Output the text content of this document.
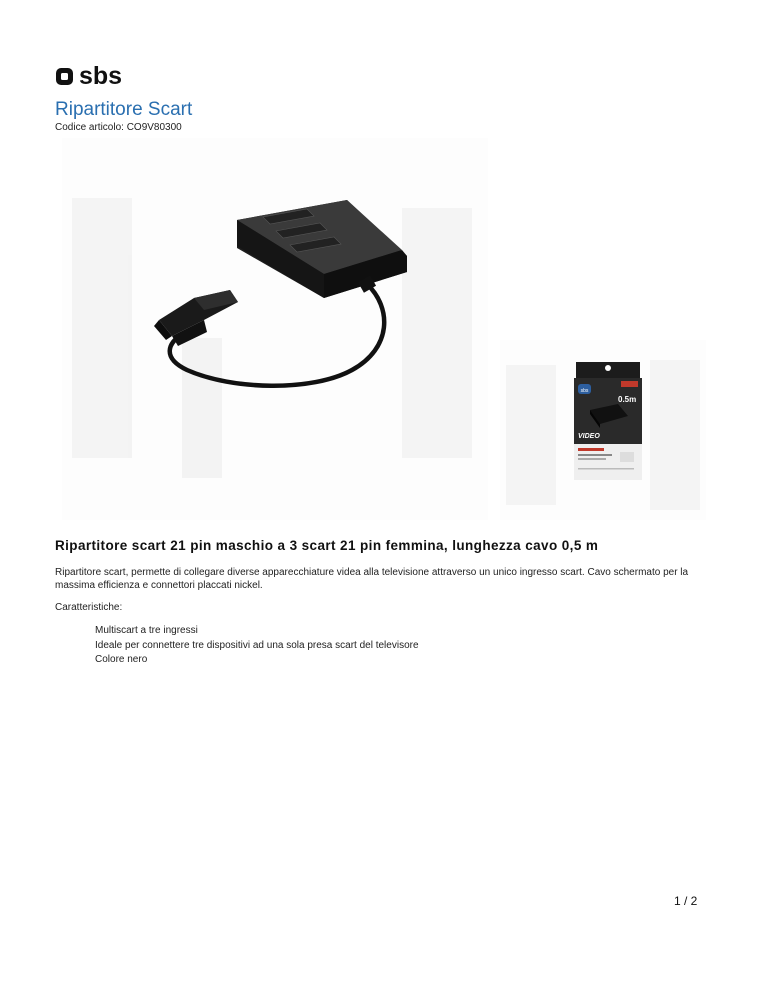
sbs
Ripartitore Scart
Codice articolo: CO9V80300
sbs
0.5m
VIDEO
Ripartitore scart 21 pin maschio a 3 scart 21 pin femmina, lunghezza cavo 0,5 m

Ripartitore scart, permette di collegare diverse apparecchiature videa alla televisione attraverso un unico ingresso scart. Cavo schermato per la massima efficienza e connettori placcati nickel.

Caratteristiche:
Multiscart a tre ingressi
Ideale per connettere tre dispositivi ad una sola presa scart del televisore
Colore nero
1 / 2
